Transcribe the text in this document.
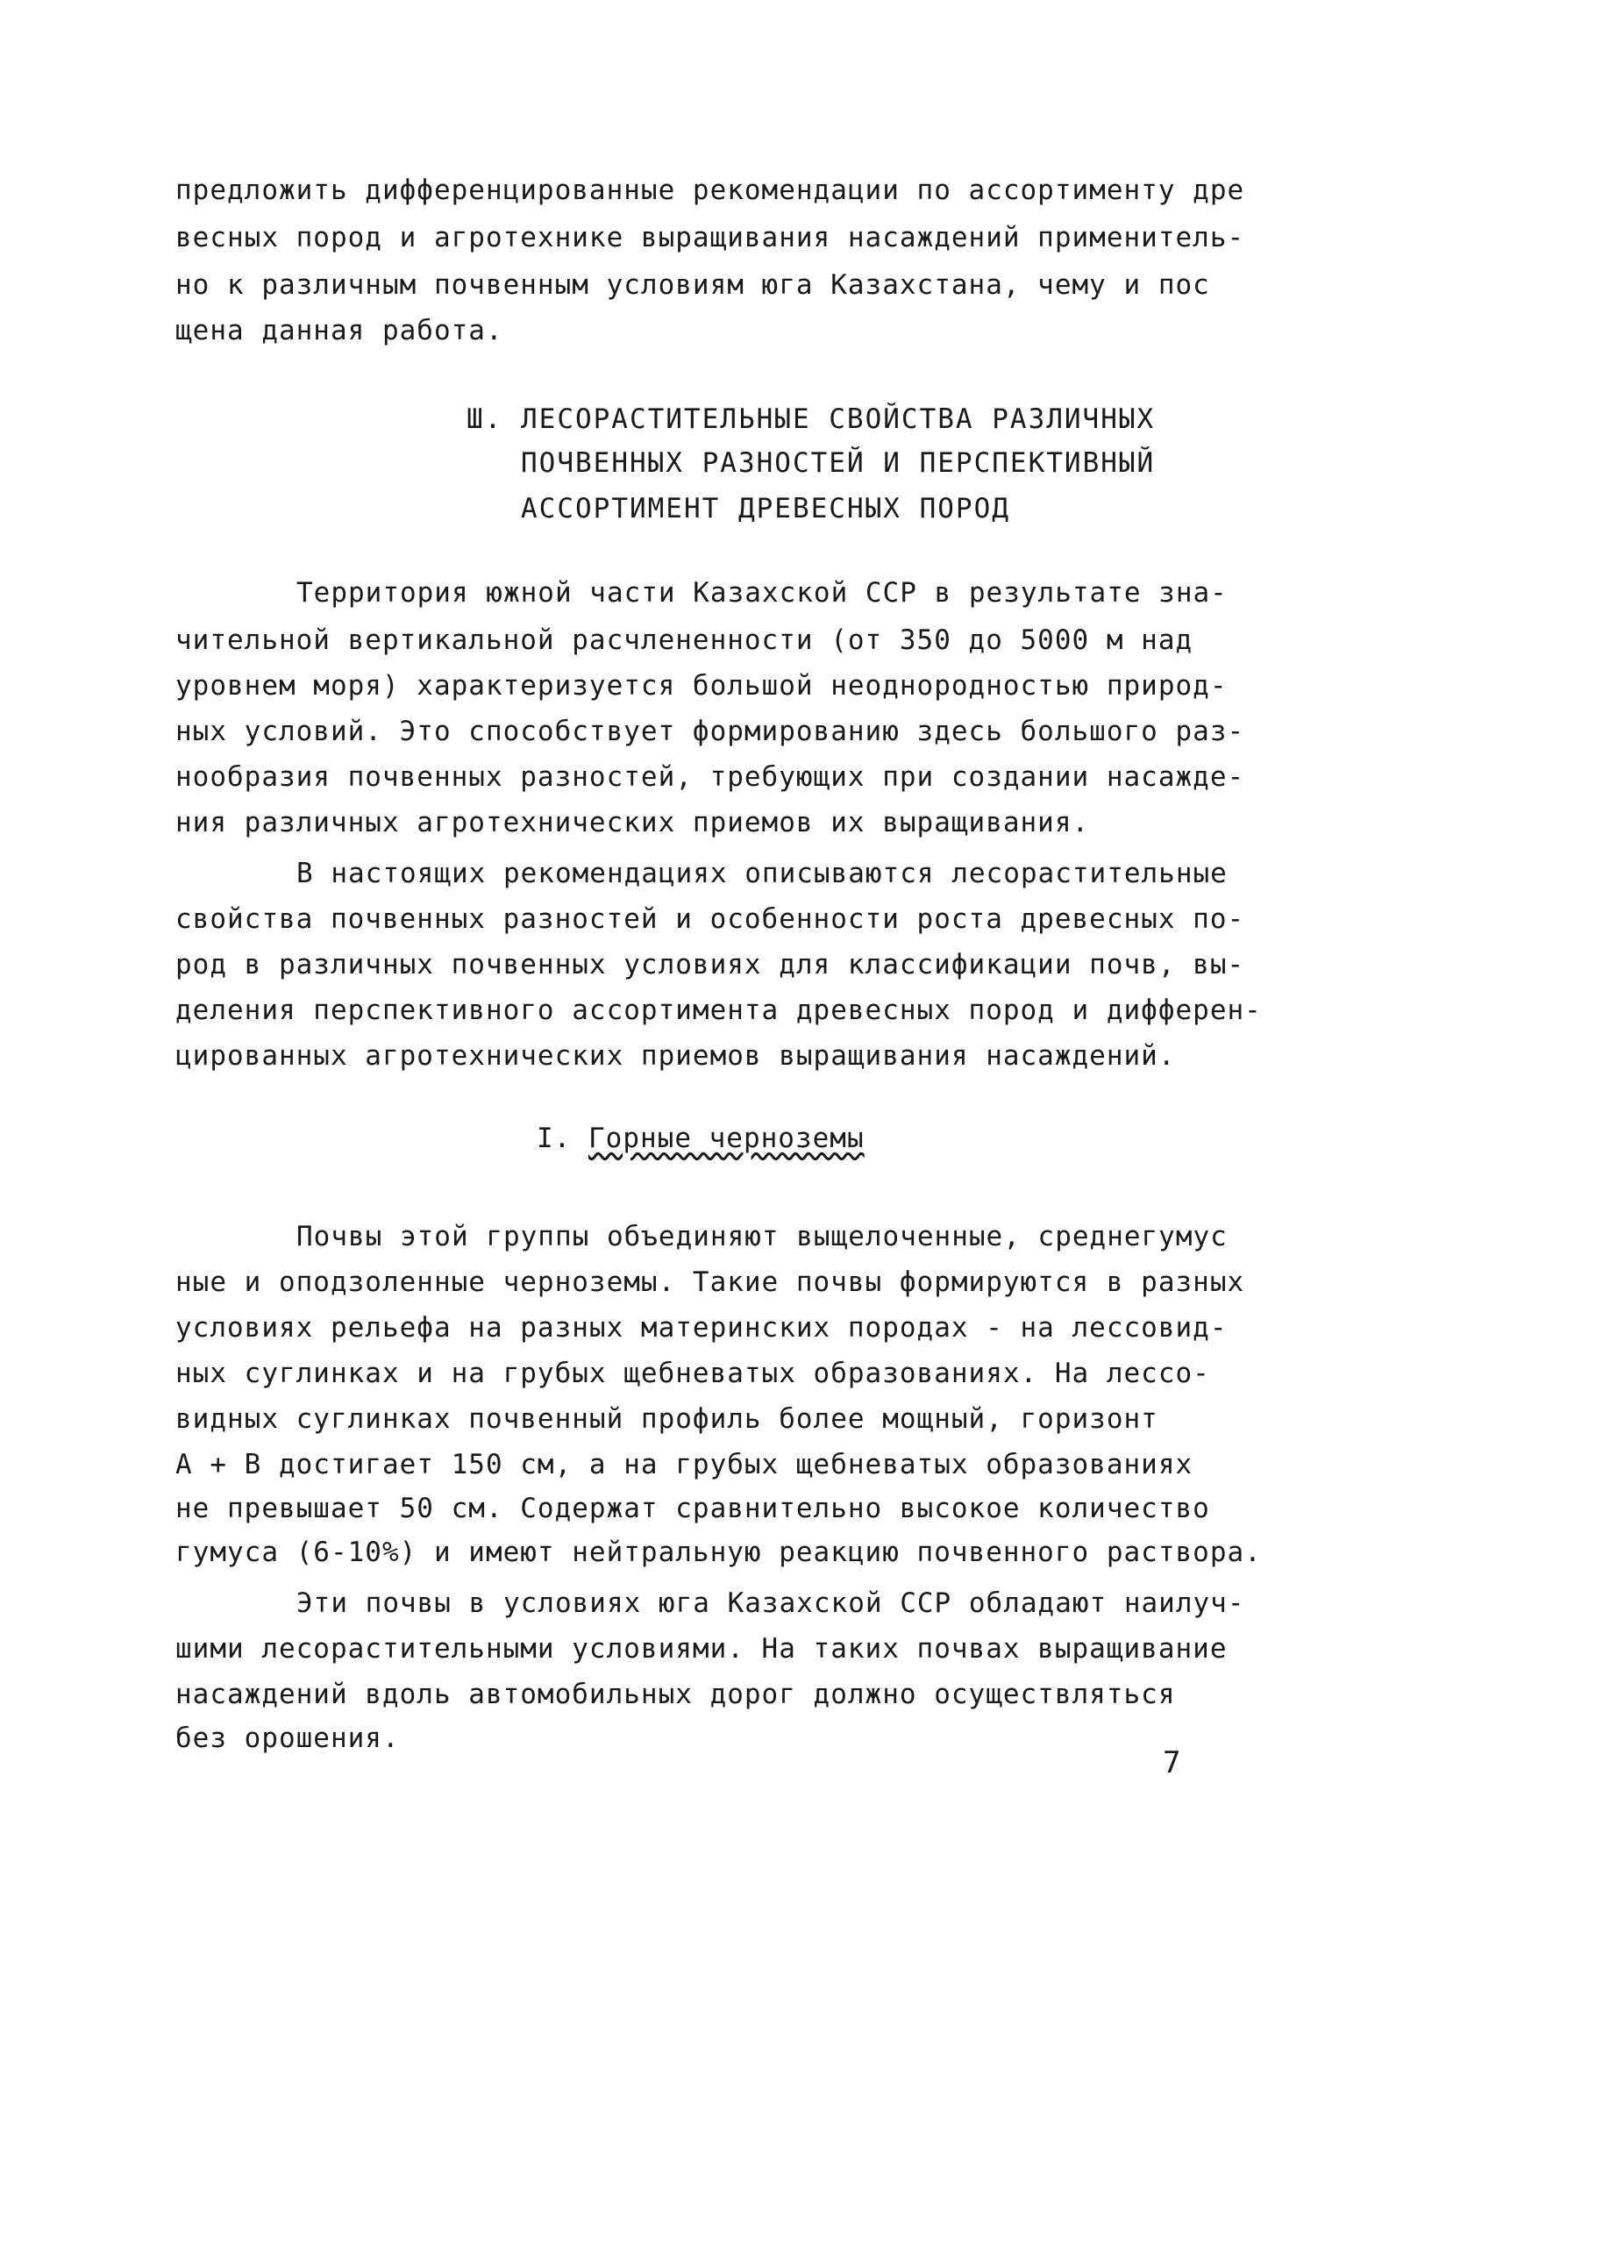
предложить дифференцированные рекомендации по ассортименту дре
весных пород и агротехнике выращивания насаждений применитель-
но к различным почвенным условиям юга Казахстана, чему и пос
щена данная работа.
Ш. ЛЕСОРАСТИТЕЛЬНЫЕ СВОЙСТВА РАЗЛИЧНЫХ
ПОЧВЕННЫХ РАЗНОСТЕЙ И ПЕРСПЕКТИВНЫЙ
АССОРТИМЕНТ ДРЕВЕСНЫХ ПОРОД
Территория южной части Казахской ССР в результате зна-
чительной вертикальной расчлененности (от 350 до 5000 м над
уровнем моря) характеризуется большой неоднородностью природ-
ных условий. Это способствует формированию здесь большого раз-
нообразия почвенных разностей, требующих при создании насажде-
ния различных агротехнических приемов их выращивания.
В настоящих рекомендациях описываются лесорастительные
свойства почвенных разностей и особенности роста древесных по-
род в различных почвенных условиях для классификации почв, вы-
деления перспективного ассортимента древесных пород и дифферен-
цированных агротехнических приемов выращивания насаждений.
I. Горные черноземы
Почвы этой группы объединяют выщелоченные, среднегумус
ные и оподзоленные черноземы. Такие почвы формируются в разных
условиях рельефа на разных материнских породах - на лессовид-
ных суглинках и на грубых щебневатых образованиях. На лессо-
видных суглинках почвенный профиль более мощный, горизонт
А + В достигает 150 см, а на грубых щебневатых образованиях
не превышает 50 см. Содержат сравнительно высокое количество
гумуса (6-10%) и имеют нейтральную реакцию почвенного раствора.
Эти почвы в условиях юга Казахской ССР обладают наилуч-
шими лесорастительными условиями. На таких почвах выращивание
насаждений вдоль автомобильных дорог должно осуществляться
без орошения.
7
